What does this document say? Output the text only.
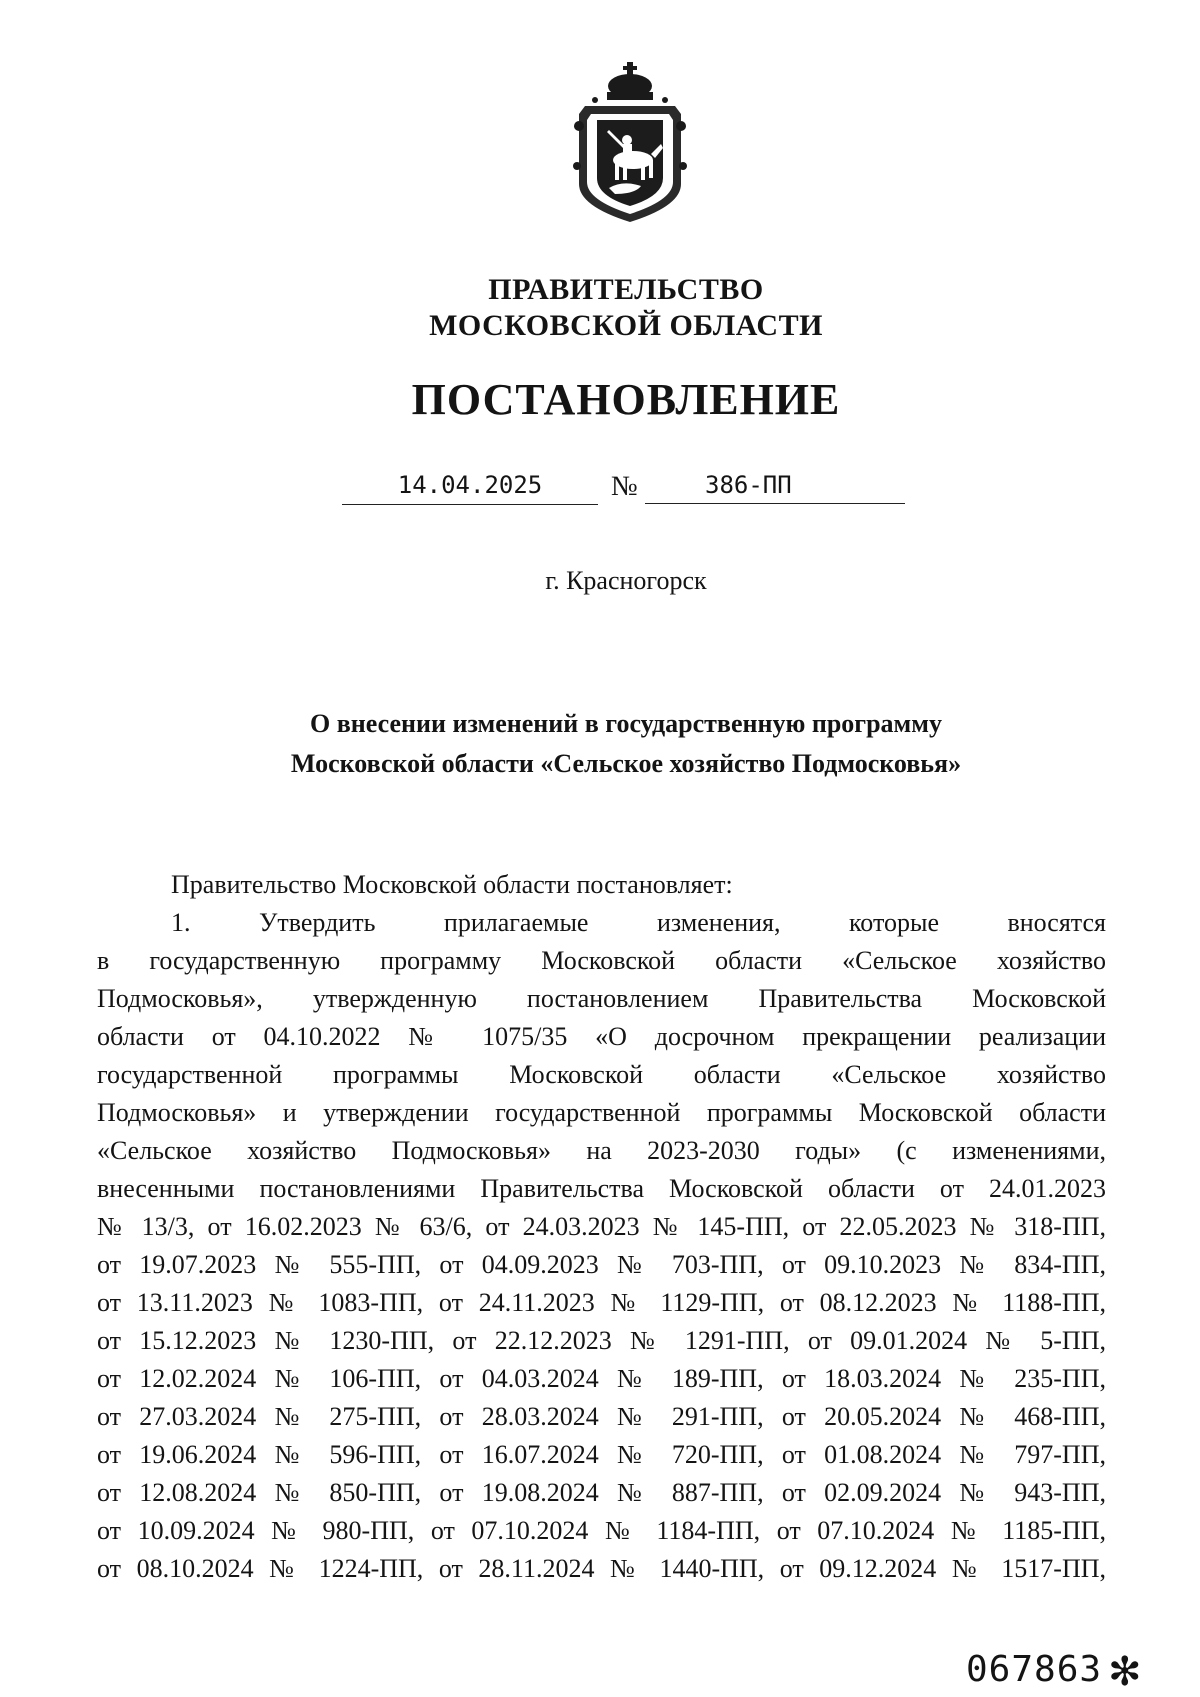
ПРАВИТЕЛЬСТВО
МОСКОВСКОЙ ОБЛАСТИ
ПОСТАНОВЛЕНИЕ
14.04.2025	№	386-ПП
г. Красногорск
О внесении изменений в государственную программу
Московской области «Сельское хозяйство Подмосковья»
Правительство Московской области постановляет:
1. Утвердить прилагаемые изменения, которые вносятся
в государственную программу Московской области «Сельское хозяйство
Подмосковья», утвержденную постановлением Правительства Московской
области от 04.10.2022 № 1075/35 «О досрочном прекращении реализации
государственной программы Московской области «Сельское хозяйство
Подмосковья» и утверждении государственной программы Московской области
«Сельское хозяйство Подмосковья» на 2023-2030 годы» (с изменениями,
внесенными постановлениями Правительства Московской области от 24.01.2023
№ 13/3, от 16.02.2023 № 63/6, от 24.03.2023 № 145-ПП, от 22.05.2023 № 318-ПП,
от 19.07.2023 № 555-ПП, от 04.09.2023 № 703-ПП, от 09.10.2023 № 834-ПП,
от 13.11.2023 № 1083-ПП, от 24.11.2023 № 1129-ПП, от 08.12.2023 № 1188-ПП,
от 15.12.2023 № 1230-ПП, от 22.12.2023 № 1291-ПП, от 09.01.2024 № 5-ПП,
от 12.02.2024 № 106-ПП, от 04.03.2024 № 189-ПП, от 18.03.2024 № 235-ПП,
от 27.03.2024 № 275-ПП, от 28.03.2024 № 291-ПП, от 20.05.2024 № 468-ПП,
от 19.06.2024 № 596-ПП, от 16.07.2024 № 720-ПП, от 01.08.2024 № 797-ПП,
от 12.08.2024 № 850-ПП, от 19.08.2024 № 887-ПП, от 02.09.2024 № 943-ПП,
от 10.09.2024 № 980-ПП, от 07.10.2024 № 1184-ПП, от 07.10.2024 № 1185-ПП,
от 08.10.2024 № 1224-ПП, от 28.11.2024 № 1440-ПП, от 09.12.2024 № 1517-ПП,
067863 ✻
